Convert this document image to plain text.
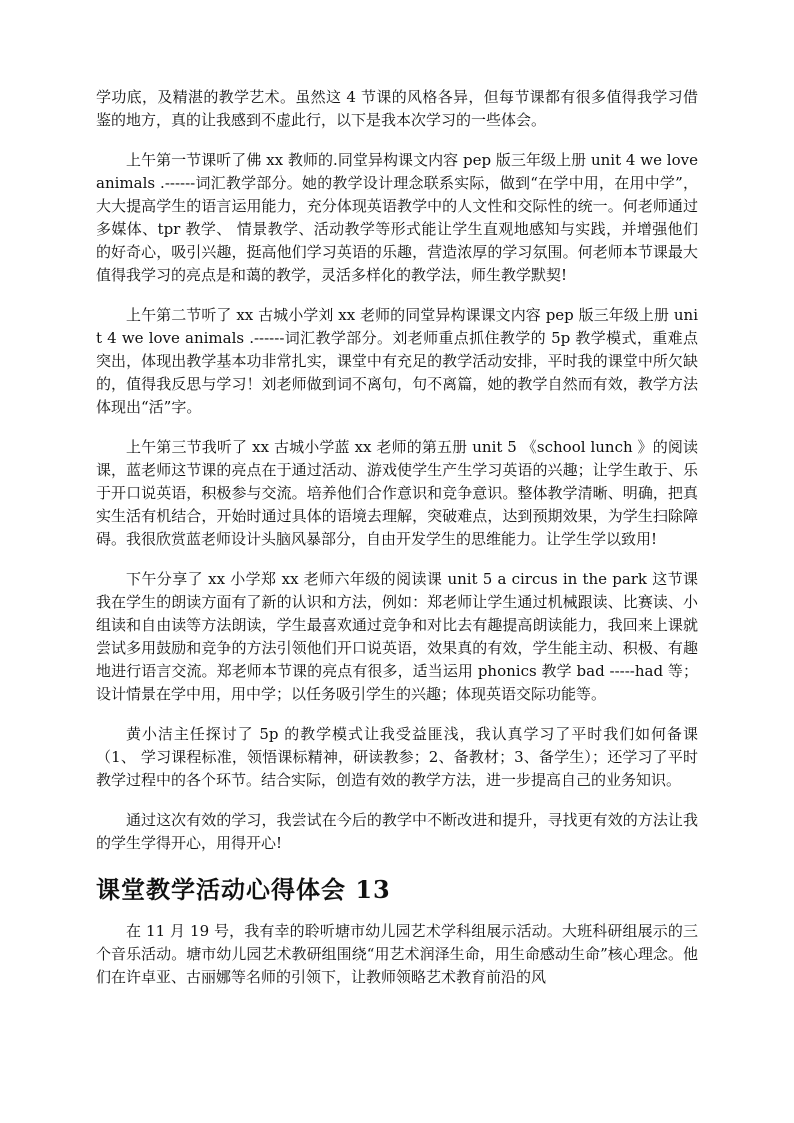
学功底，及精湛的教学艺术。虽然这 4 节课的风格各异，但每节课都有很多值得我学习借鉴的地方，真的让我感到不虚此行，以下是我本次学习的一些体会。

上午第一节课听了佛 xx 教师的.同堂异构课文内容 pep 版三年级上册 unit 4 we love animals .------词汇教学部分。她的教学设计理念联系实际，做到“在学中用，在用中学”，大大提高学生的语言运用能力，充分体现英语教学中的人文性和交际性的统一。何老师通过多媒体、tpr 教学、 情景教学、活动教学等形式能让学生直观地感知与实践，并增强他们的好奇心，吸引兴趣，挺高他们学习英语的乐趣，营造浓厚的学习氛围。何老师本节课最大值得我学习的亮点是和蔼的教学，灵活多样化的教学法，师生教学默契!

上午第二节听了 xx 古城小学刘 xx 老师的同堂异构课课文内容 pep 版三年级上册 unit 4 we love animals .------词汇教学部分。刘老师重点抓住教学的 5p 教学模式，重难点突出，体现出教学基本功非常扎实，课堂中有充足的教学活动安排，平时我的课堂中所欠缺的，值得我反思与学习！刘老师做到词不离句，句不离篇，她的教学自然而有效，教学方法体现出“活”字。

上午第三节我听了 xx 古城小学蓝 xx 老师的第五册 unit 5 《school lunch 》的阅读课，蓝老师这节课的亮点在于通过活动、游戏使学生产生学习英语的兴趣；让学生敢于、乐于开口说英语，积极参与交流。培养他们合作意识和竞争意识。整体教学清晰、明确，把真实生活有机结合，开始时通过具体的语境去理解，突破难点，达到预期效果，为学生扫除障碍。我很欣赏蓝老师设计头脑风暴部分，自由开发学生的思维能力。让学生学以致用!

下午分享了 xx 小学郑 xx 老师六年级的阅读课 unit 5 a circus in the park 这节课我在学生的朗读方面有了新的认识和方法，例如：郑老师让学生通过机械跟读、比赛读、小组读和自由读等方法朗读，学生最喜欢通过竞争和对比去有趣提高朗读能力，我回来上课就尝试多用鼓励和竞争的方法引领他们开口说英语，效果真的有效，学生能主动、积极、有趣地进行语言交流。郑老师本节课的亮点有很多，适当运用 phonics 教学 bad -----had 等；设计情景在学中用，用中学；以任务吸引学生的兴趣；体现英语交际功能等。

黄小洁主任探讨了 5p 的教学模式让我受益匪浅，我认真学习了平时我们如何备课（1、 学习课程标准，领悟课标精神，研读教参；2、备教材；3、备学生）；还学习了平时教学过程中的各个环节。结合实际，创造有效的教学方法，进一步提高自己的业务知识。

通过这次有效的学习，我尝试在今后的教学中不断改进和提升，寻找更有效的方法让我的学生学得开心，用得开心!

课堂教学活动心得体会 13

在 11 月 19 号，我有幸的聆听塘市幼儿园艺术学科组展示活动。大班科研组展示的三个音乐活动。塘市幼儿园艺术教研组围绕“用艺术润泽生命，用生命感动生命”核心理念。他们在许卓亚、古丽娜等名师的引领下，让教师领略艺术教育前沿的风
